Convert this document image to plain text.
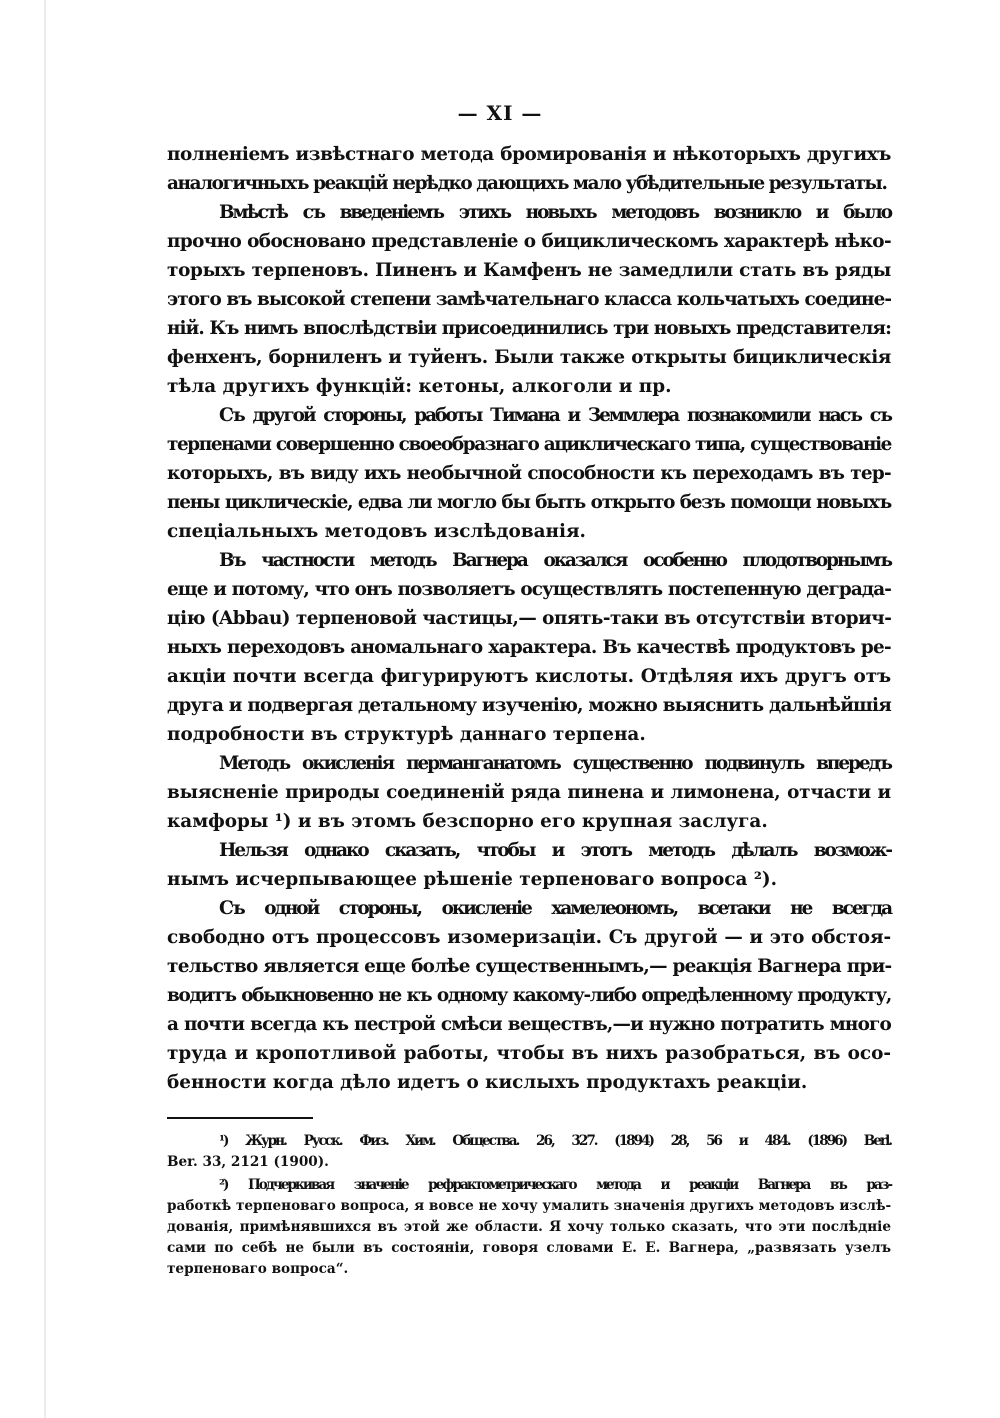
— XI —

полненіемъ извѣстнаго метода бромированія и нѣкоторыхъ другихъ
аналогичныхъ реакцій нерѣдко дающихъ мало убѣдительные результаты.

Вмѣстѣ съ введеніемъ этихъ новыхъ методовъ возникло и было
прочно обосновано представленіе о бициклическомъ характерѣ нѣко-
торыхъ терпеновъ. Пиненъ и Камфенъ не замедлили стать въ ряды
этого въ высокой степени замѣчательнаго класса кольчатыхъ соедине-
ній. Къ нимъ впослѣдствіи присоединились три новыхъ представителя:
фенхенъ, борниленъ и туйенъ. Были также открыты бициклическія
тѣла другихъ функцій: кетоны, алкоголи и пр.

Съ другой стороны, работы Тимана и Земмлера познакомили насъ съ
терпенами совершенно своеобразнаго ациклическаго типа, существованіе
которыхъ, въ виду ихъ необычной способности къ переходамъ въ тер-
пены циклическіе, едва ли могло бы быть открыто безъ помощи новыхъ
спеціальныхъ методовъ изслѣдованія.

Въ частности методъ Вагнера оказался особенно плодотворнымъ
еще и потому, что онъ позволяетъ осуществлять постепенную деграда-
цію (Abbau) терпеновой частицы,— опять-таки въ отсутствіи вторич-
ныхъ переходовъ аномальнаго характера. Въ качествѣ продуктовъ ре-
акціи почти всегда фигурируютъ кислоты. Отдѣляя ихъ другъ отъ
друга и подвергая детальному изученію, можно выяснить дальнѣйшія
подробности въ структурѣ даннаго терпена.

Методъ окисленія перманганатомъ существенно подвинулъ впередъ
выясненіе природы соединеній ряда пинена и лимонена, отчасти и
камфоры ¹) и въ этомъ безспорно его крупная заслуга.

Нельзя однако сказать, чтобы и этотъ методъ дѣлалъ возмож-
нымъ исчерпывающее рѣшеніе терпеноваго вопроса ²).

Съ одной стороны, окисленіе хамелеономъ, всетаки не всегда
свободно отъ процессовъ изомеризаціи. Съ другой — и это обстоя-
тельство является еще болѣе существеннымъ,— реакція Вагнера при-
водитъ обыкновенно не къ одному какому-либо опредѣленному продукту,
а почти всегда къ пестрой смѣси веществъ,—и нужно потратить много
труда и кропотливой работы, чтобы въ нихъ разобраться, въ осо-
бенности когда дѣло идетъ о кислыхъ продуктахъ реакціи.

¹) Журн. Русск. Физ. Хим. Общества. 26, 327. (1894) 28, 56 и 484. (1896) Berl.
Ber. 33, 2121 (1900).

²) Подчеркивая значеніе рефрактометрическаго метода и реакціи Вагнера въ раз-
работкѣ терпеноваго вопроса, я вовсе не хочу умалить значенія другихъ методовъ изслѣ-
дованія, примѣнявшихся въ этой же области. Я хочу только сказать, что эти послѣдніе
сами по себѣ не были въ состояніи, говоря словами Е. Е. Вагнера, „развязать узелъ
терпеноваго вопроса“.
